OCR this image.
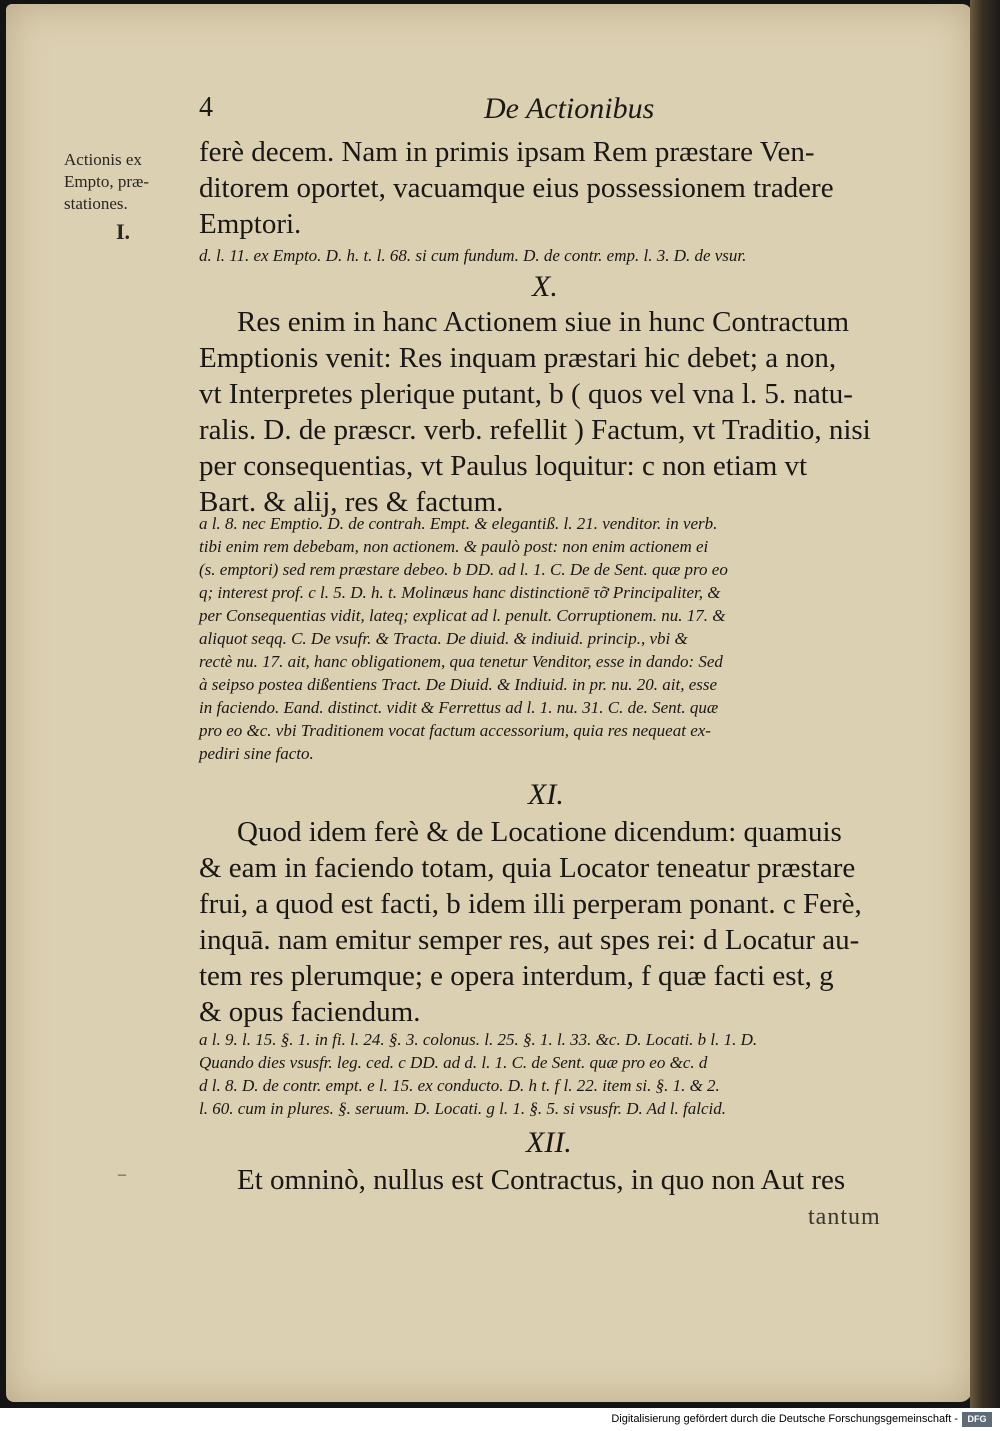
4	De Actionibus
Actionis ex
Empto, præ-
stationes.
I.
ferè decem. Nam in primis ipsam Rem præstare Ven-
ditorem oportet, vacuamque eius possessionem tradere
Emptori.
d. l. 11. ex Empto. D. h. t. l. 68. si cum fundum. D. de contr. emp. l. 3. D. de vsur.
X.
Res enim in hanc Actionem siue in hunc Contractum
Emptionis venit: Res inquam præstari hic debet; a non,
vt Interpretes plerique putant, b ( quos vel vna l. 5. natu-
ralis. D. de præscr. verb. refellit ) Factum, vt Traditio, nisi
per consequentias, vt Paulus loquitur: c non etiam vt
Bart. & alij, res & factum.
a l. 8. nec Emptio. D. de contrah. Empt. & elegantiß. l. 21. venditor. in verb.
tibi enim rem debebam, non actionem. & paulò post: non enim actionem ei
(s. emptori) sed rem præstare debeo. b DD. ad l. 1. C. De de Sent. quæ pro eo
q; interest prof. c l. 5. D. h. t. Molinæus hanc distinctionē τỡ Principaliter, &
per Consequentias vidit, lateq; explicat ad l. penult. Corruptionem. nu. 17. &
aliquot seqq. C. De vsufr. & Tracta. De diuid. & indiuid. princip., vbi &
rectè nu. 17. ait, hanc obligationem, qua tenetur Venditor, esse in dando: Sed
à seipso postea dißentiens Tract. De Diuid. & Indiuid. in pr. nu. 20. ait, esse
in faciendo. Eand. distinct. vidit & Ferrettus ad l. 1. nu. 31. C. de. Sent. quæ
pro eo &c. vbi Traditionem vocat factum accessorium, quia res nequeat ex-
pediri sine facto.
XI.
Quod idem ferè & de Locatione dicendum: quamuis
& eam in faciendo totam, quia Locator teneatur præstare
frui, a quod est facti, b idem illi perperam ponant. c Ferè,
inquā. nam emitur semper res, aut spes rei: d Locatur au-
tem res plerumque; e opera interdum, f quæ facti est, g
& opus faciendum.
a l. 9. l. 15. §. 1. in fi. l. 24. §. 3. colonus. l. 25. §. 1. l. 33. &c. D. Locati. b l. 1. D.
Quando dies vsusfr. leg. ced. c DD. ad d. l. 1. C. de Sent. quæ pro eo &c. d
d l. 8. D. de contr. empt. e l. 15. ex conducto. D. h t. f l. 22. item si. §. 1. & 2.
l. 60. cum in plures. §. seruum. D. Locati. g l. 1. §. 5. si vsusfr. D. Ad l. falcid.
XII.
Et omninò, nullus est Contractus, in quo non Aut res
tantum
–
Digitalisierung gefördert durch die Deutsche Forschungsgemeinschaft -	DFG
